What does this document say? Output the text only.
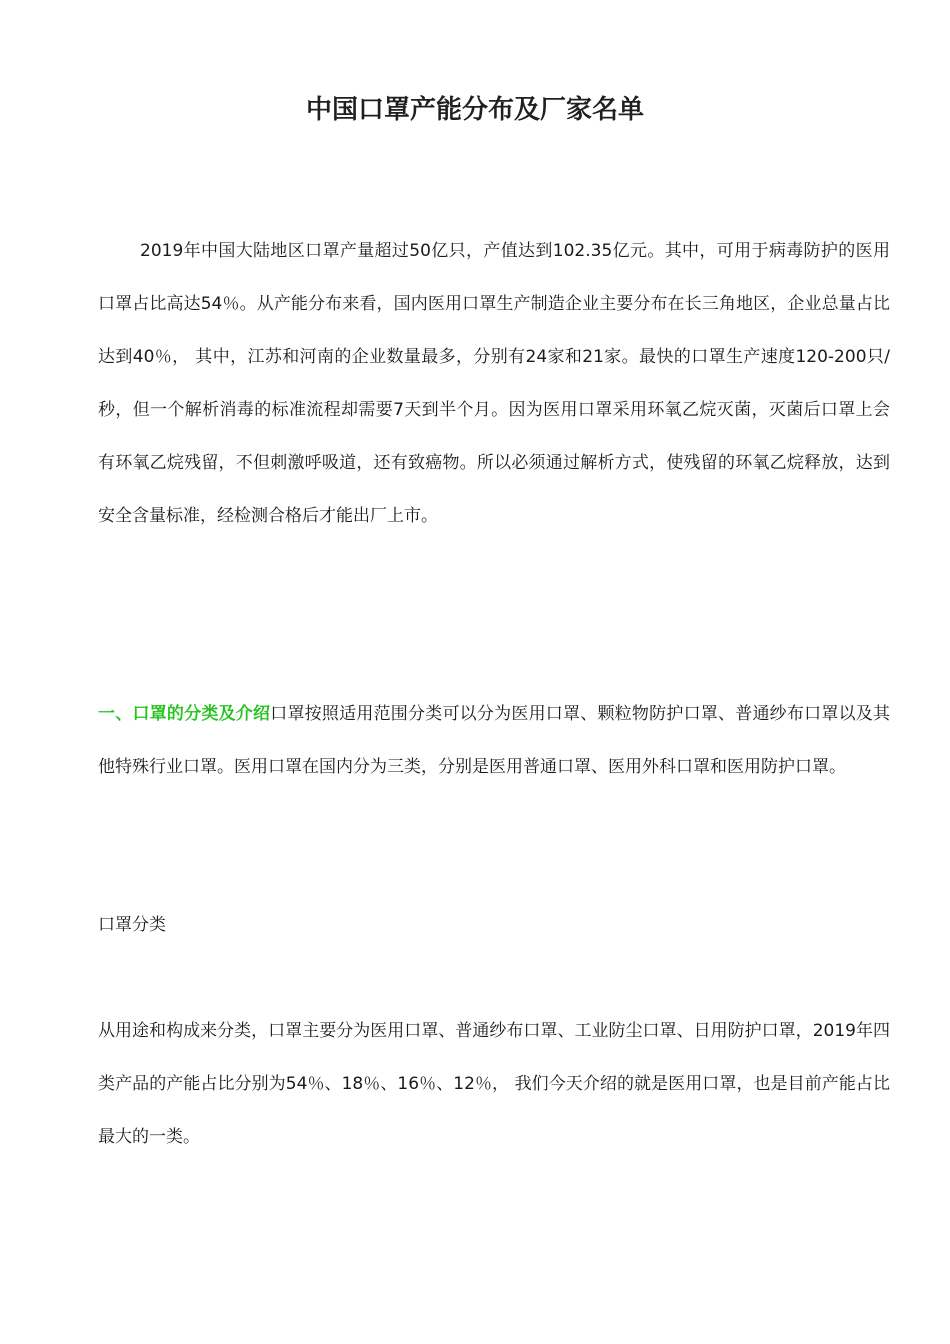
中国口罩产能分布及厂家名单

2019年中国大陆地区口罩产量超过50亿只，产值达到102.35亿元。其中，可用于病毒防护的医用口罩占比高达54％。从产能分布来看，国内医用口罩生产制造企业主要分布在长三角地区，企业总量占比达到40％， 其中，江苏和河南的企业数量最多，分别有24家和21家。最快的口罩生产速度120-200只/秒，但一个解析消毒的标准流程却需要7天到半个月。因为医用口罩采用环氧乙烷灭菌，灭菌后口罩上会有环氧乙烷残留，不但刺激呼吸道，还有致癌物。所以必须通过解析方式，使残留的环氧乙烷释放，达到安全含量标准，经检测合格后才能出厂上市。

一、口罩的分类及介绍口罩按照适用范围分类可以分为医用口罩、颗粒物防护口罩、普通纱布口罩以及其他特殊行业口罩。医用口罩在国内分为三类，分别是医用普通口罩、医用外科口罩和医用防护口罩。

口罩分类

从用途和构成来分类，口罩主要分为医用口罩、普通纱布口罩、工业防尘口罩、日用防护口罩，2019年四类产品的产能占比分别为54％、18％、16％、12％， 我们今天介绍的就是医用口罩，也是目前产能占比最大的一类。
